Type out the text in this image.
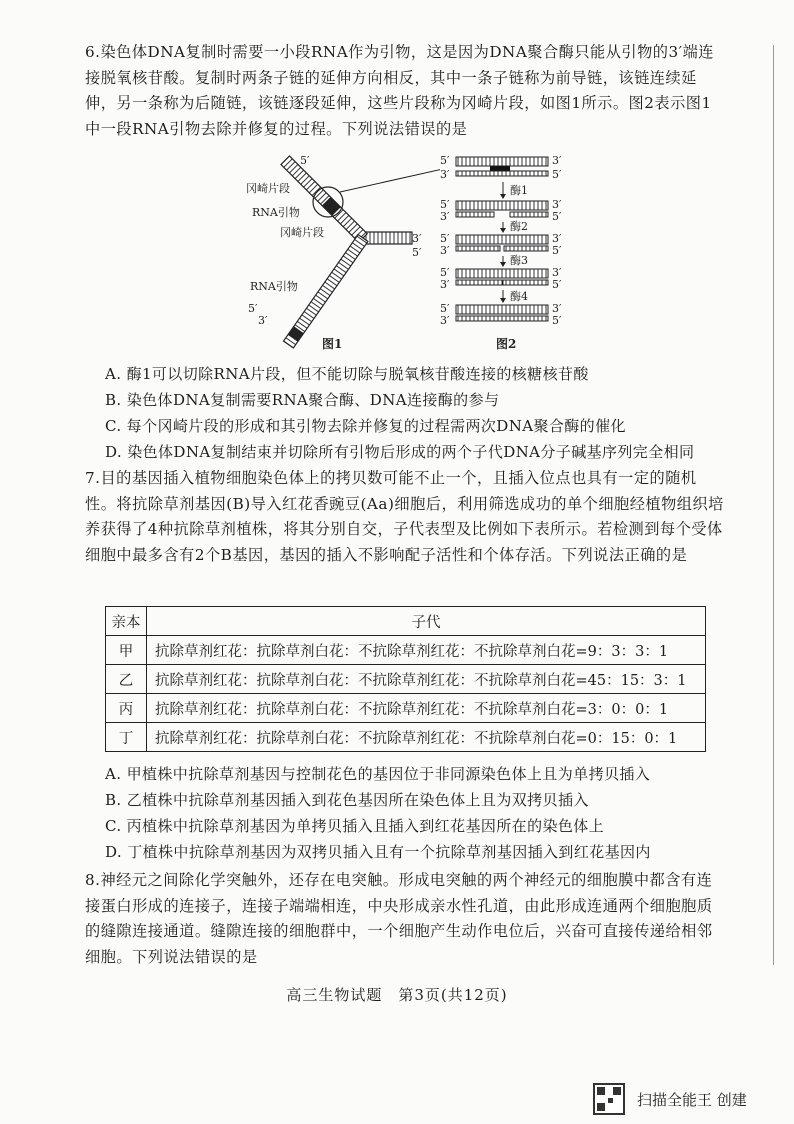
6.染色体DNA复制时需要一小段RNA作为引物，这是因为DNA聚合酶只能从引物的3′端连接脱氧核苷酸。复制时两条子链的延伸方向相反，其中一条子链称为前导链，该链连续延伸，另一条称为后随链，该链逐段延伸，这些片段称为冈崎片段，如图1所示。图2表示图1中一段RNA引物去除并修复的过程。下列说法错误的是

5′
冈崎片段
RNA引物
冈崎片段	3′
5′
RNA引物
5′
3′
图1
5′	3′
3′	5′
酶1
5′	3′
3′	5′
酶2
5′	3′
3′	5′
酶3
5′	3′
3′	5′
酶4
5′	3′
3′	5′
图2
A. 酶1可以切除RNA片段，但不能切除与脱氧核苷酸连接的核糖核苷酸
B. 染色体DNA复制需要RNA聚合酶、DNA连接酶的参与
C. 每个冈崎片段的形成和其引物去除并修复的过程需两次DNA聚合酶的催化
D. 染色体DNA复制结束并切除所有引物后形成的两个子代DNA分子碱基序列完全相同

7.目的基因插入植物细胞染色体上的拷贝数可能不止一个，且插入位点也具有一定的随机性。将抗除草剂基因(B)导入红花香豌豆(Aa)细胞后，利用筛选成功的单个细胞经植物组织培养获得了4种抗除草剂植株，将其分别自交，子代表型及比例如下表所示。若检测到每个受体细胞中最多含有2个B基因，基因的插入不影响配子活性和个体存活。下列说法正确的是

亲本	子代
甲	抗除草剂红花：抗除草剂白花：不抗除草剂红花：不抗除草剂白花=9：3：3：1
乙	抗除草剂红花：抗除草剂白花：不抗除草剂红花：不抗除草剂白花=45：15：3：1
丙	抗除草剂红花：抗除草剂白花：不抗除草剂红花：不抗除草剂白花=3：0：0：1
丁	抗除草剂红花：抗除草剂白花：不抗除草剂红花：不抗除草剂白花=0：15：0：1
A. 甲植株中抗除草剂基因与控制花色的基因位于非同源染色体上且为单拷贝插入
B. 乙植株中抗除草剂基因插入到花色基因所在染色体上且为双拷贝插入
C. 丙植株中抗除草剂基因为单拷贝插入且插入到红花基因所在的染色体上
D. 丁植株中抗除草剂基因为双拷贝插入且有一个抗除草剂基因插入到红花基因内

8.神经元之间除化学突触外，还存在电突触。形成电突触的两个神经元的细胞膜中都含有连接蛋白形成的连接子，连接子端端相连，中央形成亲水性孔道，由此形成连通两个细胞胞质的缝隙连接通道。缝隙连接的细胞群中，一个细胞产生动作电位后，兴奋可直接传递给相邻细胞。下列说法错误的是

高三生物试题　第3页(共12页)
扫描全能王 创建
